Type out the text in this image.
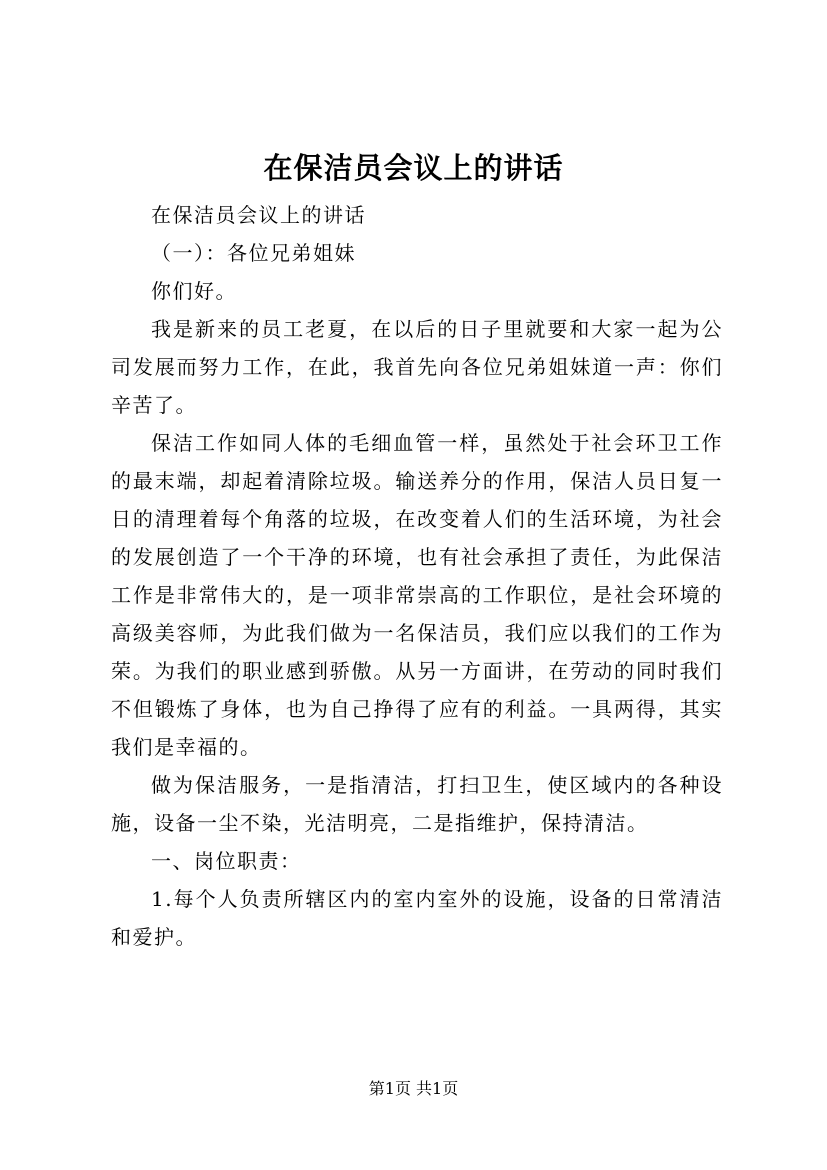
在保洁员会议上的讲话

在保洁员会议上的讲话

（一）：各位兄弟姐妹

你们好。

我是新来的员工老夏，在以后的日子里就要和大家一起为公司发展而努力工作，在此，我首先向各位兄弟姐妹道一声：你们辛苦了。

保洁工作如同人体的毛细血管一样，虽然处于社会环卫工作的最末端，却起着清除垃圾。输送养分的作用，保洁人员日复一日的清理着每个角落的垃圾，在改变着人们的生活环境，为社会的发展创造了一个干净的环境，也有社会承担了责任，为此保洁工作是非常伟大的，是一项非常崇高的工作职位，是社会环境的高级美容师，为此我们做为一名保洁员，我们应以我们的工作为荣。为我们的职业感到骄傲。从另一方面讲，在劳动的同时我们不但锻炼了身体，也为自己挣得了应有的利益。一具两得，其实我们是幸福的。

做为保洁服务，一是指清洁，打扫卫生，使区域内的各种设施，设备一尘不染，光洁明亮，二是指维护，保持清洁。

一、岗位职责：

1.每个人负责所辖区内的室内室外的设施，设备的日常清洁和爱护。

第1页 共1页
